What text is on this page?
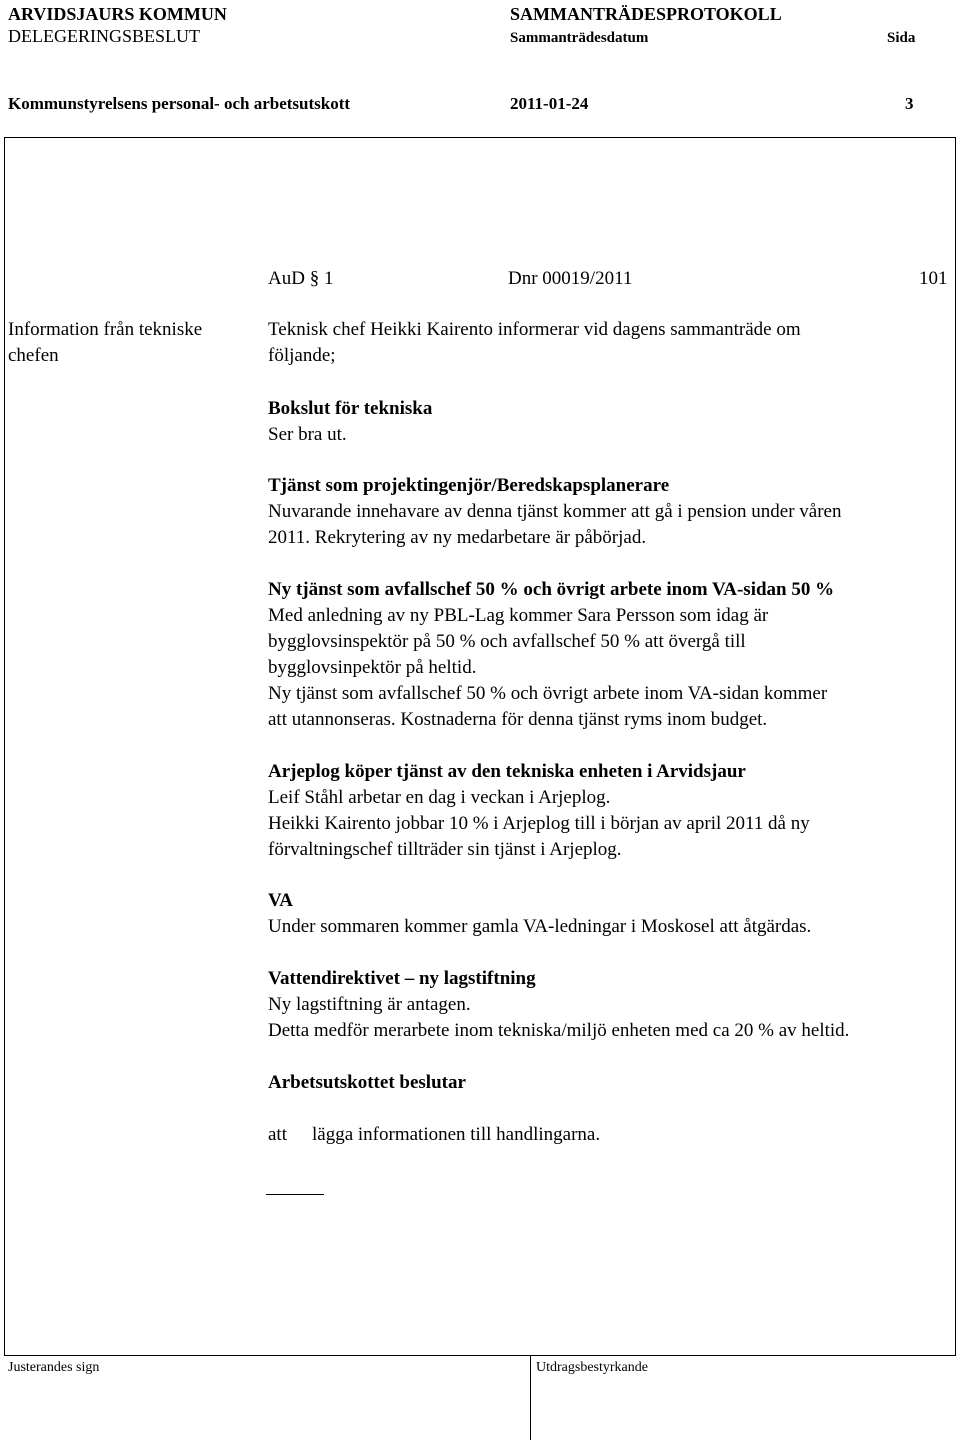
ARVIDSJAURS KOMMUN	SAMMANTRÄDESPROTOKOLL
DELEGERINGSBESLUT	Sammanträdesdatum	Sida
Kommunstyrelsens personal- och arbetsutskott	2011-01-24	3
AuD § 1	Dnr 00019/2011	101
Information från tekniske
chefen
Teknisk chef Heikki Kairento informerar vid dagens sammanträde om
följande;
Bokslut för tekniska
Ser bra ut.
Tjänst som projektingenjör/Beredskapsplanerare
Nuvarande innehavare av denna tjänst kommer att gå i pension under våren
2011. Rekrytering av ny medarbetare är påbörjad.
Ny tjänst som avfallschef 50 % och övrigt arbete inom VA-sidan 50 %
Med anledning av ny PBL-Lag kommer Sara Persson som idag är
bygglovsinspektör på 50 % och avfallschef 50 % att övergå till
bygglovsinpektör på heltid.
Ny tjänst som avfallschef 50 % och övrigt arbete inom VA-sidan kommer
att utannonseras. Kostnaderna för denna tjänst ryms inom budget.
Arjeplog köper tjänst av den tekniska enheten i Arvidsjaur
Leif Ståhl arbetar en dag i veckan i Arjeplog.
Heikki Kairento jobbar 10 % i Arjeplog till i början av april 2011 då ny
förvaltningschef tillträder sin tjänst i Arjeplog.
VA
Under sommaren kommer gamla VA-ledningar i Moskosel att åtgärdas.
Vattendirektivet – ny lagstiftning
Ny lagstiftning är antagen.
Detta medför merarbete inom tekniska/miljö enheten med ca 20 % av heltid.
Arbetsutskottet beslutar
att lägga informationen till handlingarna.
Justerandes sign	Utdragsbestyrkande
